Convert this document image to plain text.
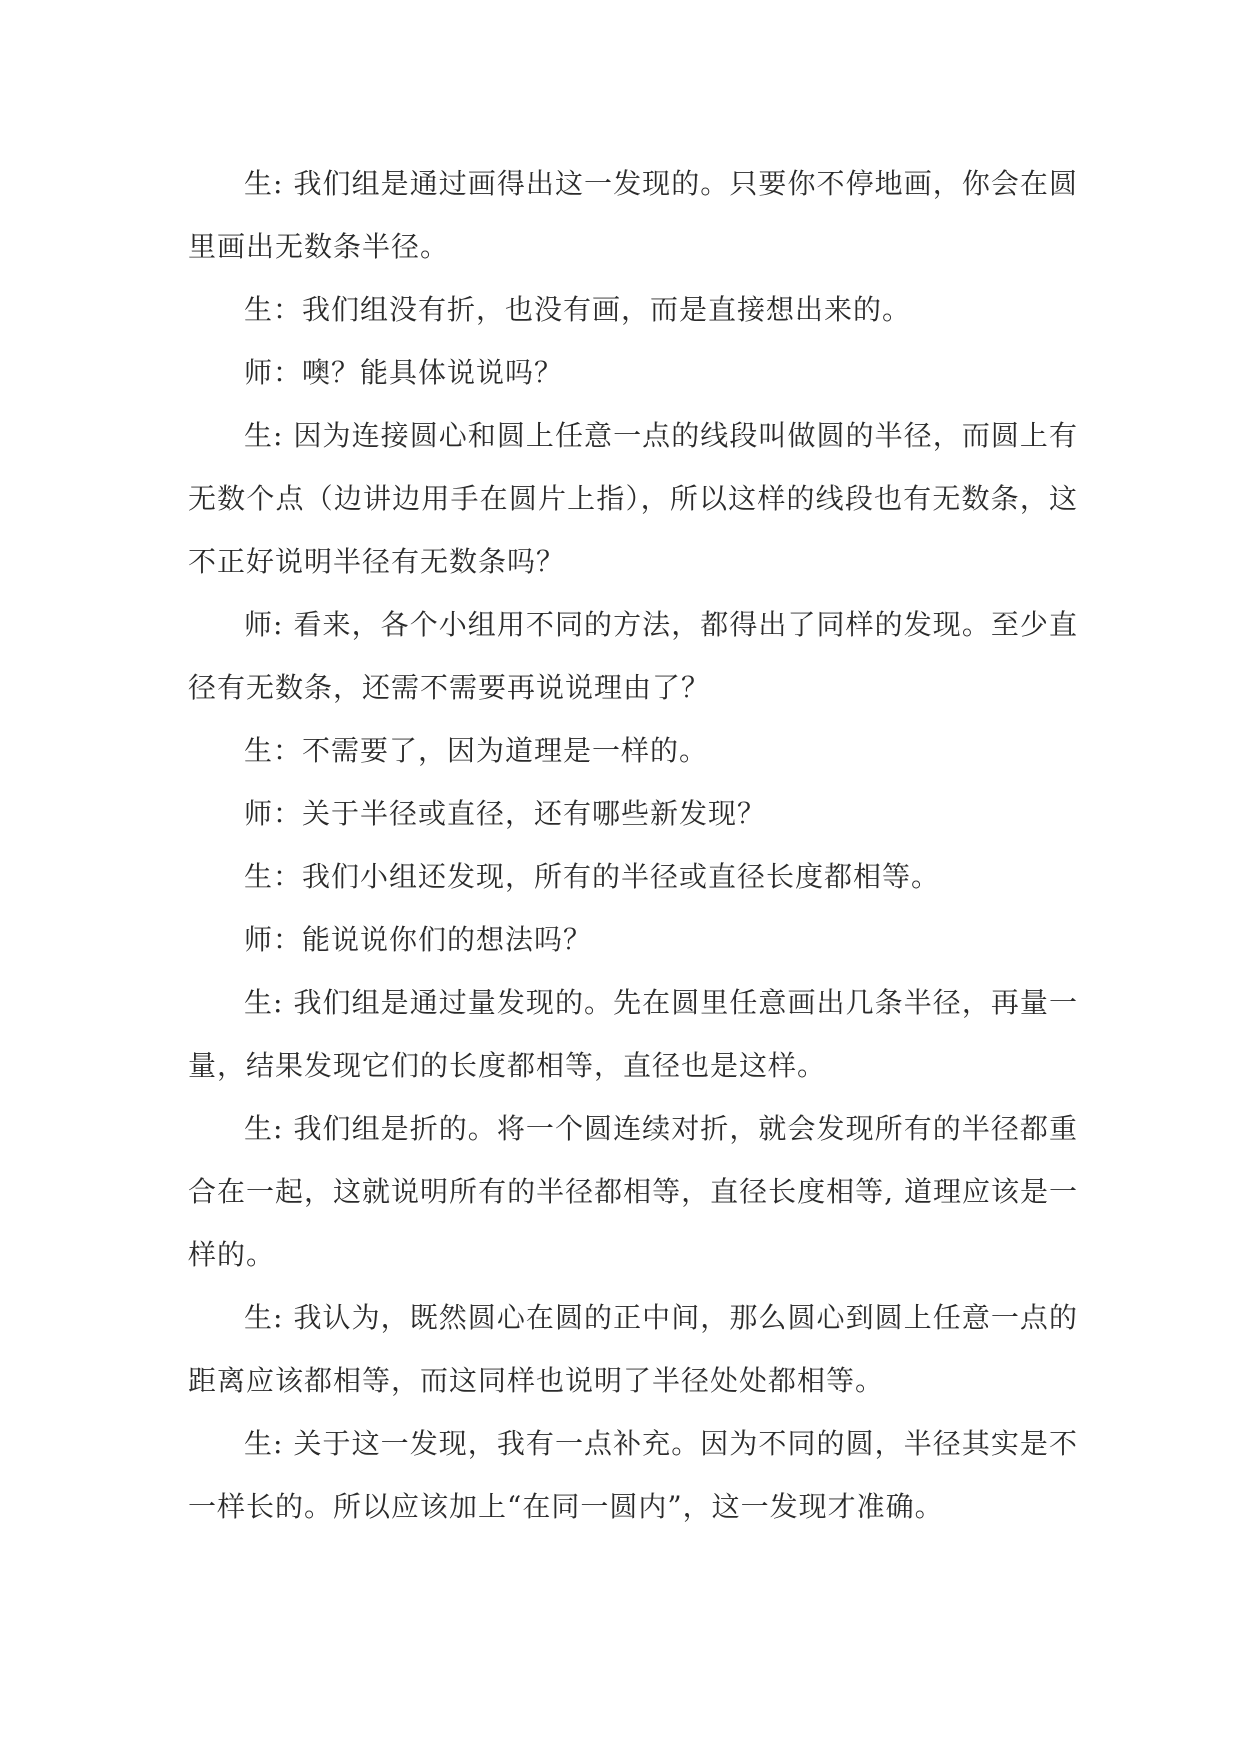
生: 我们组是通过画得出这一发现的。只要你不停地画，你会在圆里画出无数条半径。

生：我们组没有折，也没有画，而是直接想出来的。

师：噢？能具体说说吗？

生: 因为连接圆心和圆上任意一点的线段叫做圆的半径，而圆上有无数个点（边讲边用手在圆片上指），所以这样的线段也有无数条，这不正好说明半径有无数条吗？

师: 看来，各个小组用不同的方法，都得出了同样的发现。至少直径有无数条，还需不需要再说说理由了？

生：不需要了，因为道理是一样的。

师：关于半径或直径，还有哪些新发现？

生：我们小组还发现，所有的半径或直径长度都相等。

师：能说说你们的想法吗？

生: 我们组是通过量发现的。先在圆里任意画出几条半径，再量一量，结果发现它们的长度都相等，直径也是这样。

生: 我们组是折的。将一个圆连续对折，就会发现所有的半径都重合在一起，这就说明所有的半径都相等，直径长度相等, 道理应该是一样的。

生: 我认为，既然圆心在圆的正中间，那么圆心到圆上任意一点的距离应该都相等，而这同样也说明了半径处处都相等。

生: 关于这一发现，我有一点补充。因为不同的圆，半径其实是不一样长的。所以应该加上“在同一圆内”，这一发现才准确。
